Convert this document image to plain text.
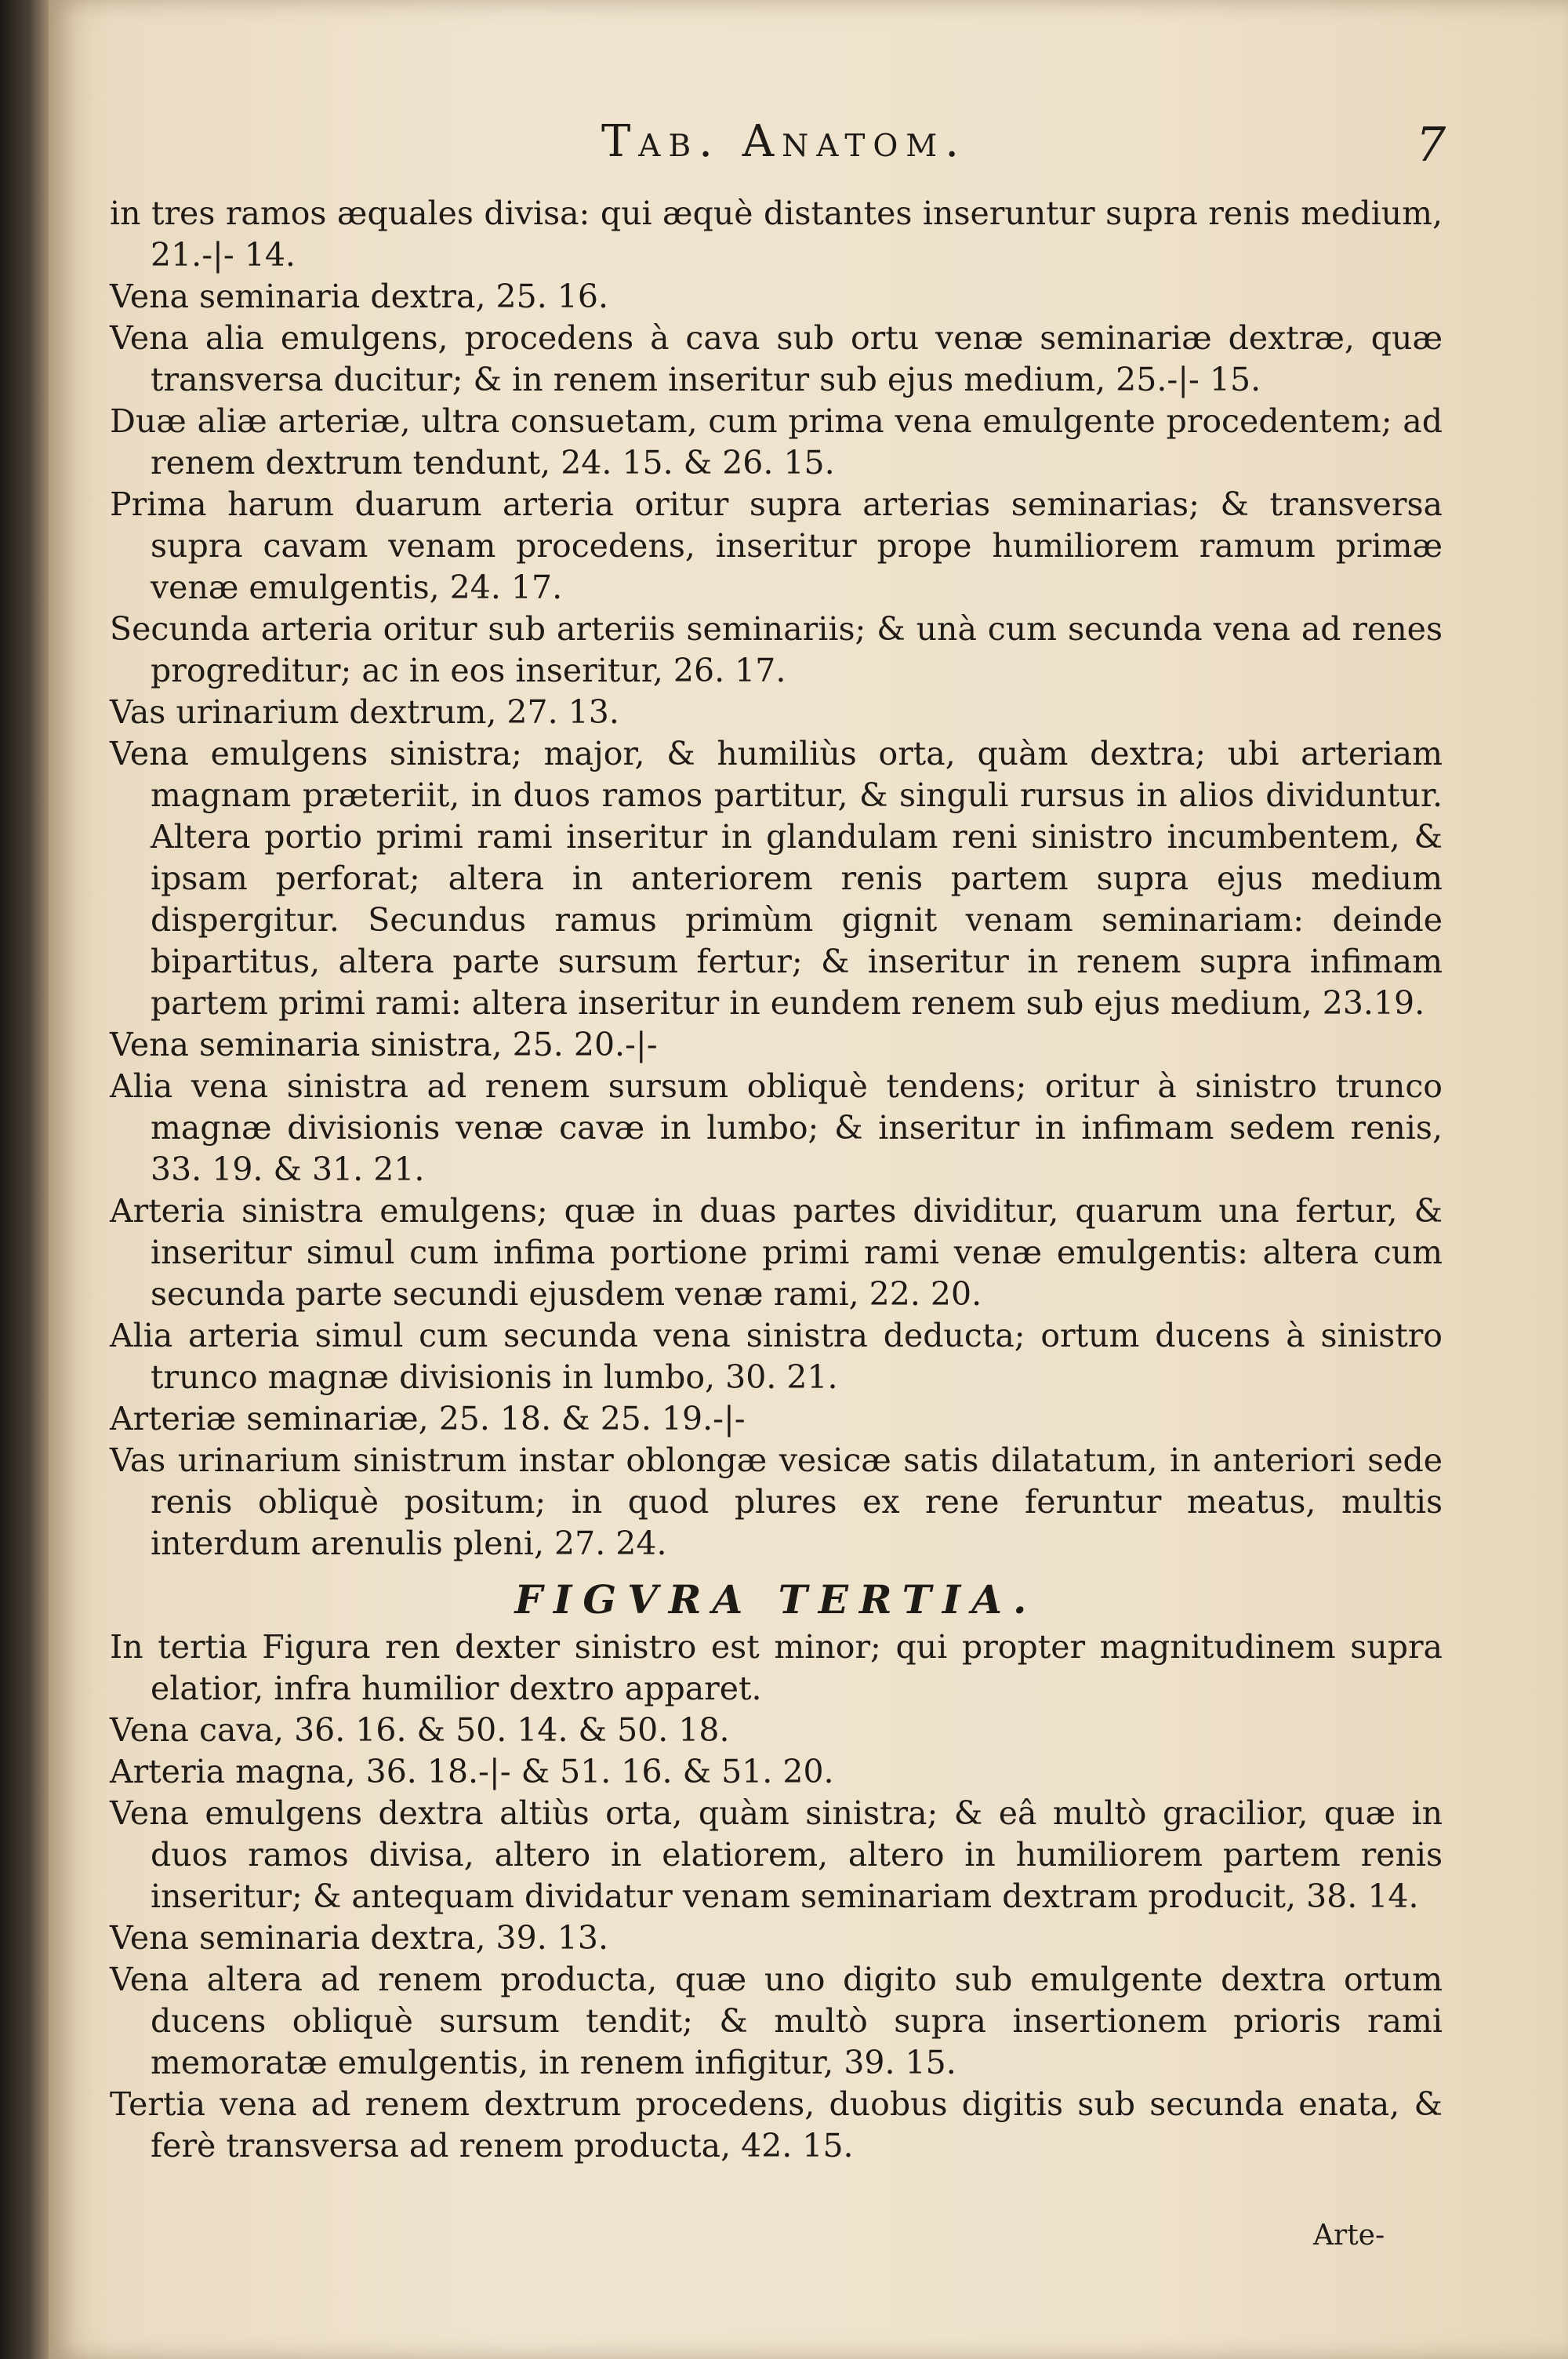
Tab. Anatom.	7

in tres ramos æquales divisa: qui æquè distantes inseruntur supra renis medium, 21.-|- 14.

Vena seminaria dextra, 25. 16.

Vena alia emulgens, procedens à cava sub ortu venæ seminariæ dextræ, quæ transversa ducitur; & in renem inseritur sub ejus medium, 25.-|- 15.

Duæ aliæ arteriæ, ultra consuetam, cum prima vena emulgente procedentem; ad renem dextrum tendunt, 24. 15. & 26. 15.

Prima harum duarum arteria oritur supra arterias seminarias; & transversa supra cavam venam procedens, inseritur prope humiliorem ramum primæ venæ emulgentis, 24. 17.

Secunda arteria oritur sub arteriis seminariis; & unà cum secunda vena ad renes progreditur; ac in eos inseritur, 26. 17.

Vas urinarium dextrum, 27. 13.

Vena emulgens sinistra; major, & humiliùs orta, quàm dextra; ubi arteriam magnam præteriit, in duos ramos partitur, & singuli rursus in alios dividuntur. Altera portio primi rami inseritur in glandulam reni sinistro incumbentem, & ipsam perforat; altera in anteriorem renis partem supra ejus medium dispergitur. Secundus ramus primùm gignit venam seminariam: deinde bipartitus, altera parte sursum fertur; & inseritur in renem supra infimam partem primi rami: altera inseritur in eundem renem sub ejus medium, 23.19.

Vena seminaria sinistra, 25. 20.-|-

Alia vena sinistra ad renem sursum obliquè tendens; oritur à sinistro trunco magnæ divisionis venæ cavæ in lumbo; & inseritur in infimam sedem renis, 33. 19. & 31. 21.

Arteria sinistra emulgens; quæ in duas partes dividitur, quarum una fertur, & inseritur simul cum infima portione primi rami venæ emulgentis: altera cum secunda parte secundi ejusdem venæ rami, 22. 20.

Alia arteria simul cum secunda vena sinistra deducta; ortum ducens à sinistro trunco magnæ divisionis in lumbo, 30. 21.

Arteriæ seminariæ, 25. 18. & 25. 19.-|-

Vas urinarium sinistrum instar oblongæ vesicæ satis dilatatum, in anteriori sede renis obliquè positum; in quod plures ex rene feruntur meatus, multis interdum arenulis pleni, 27. 24.

FIGVRA TERTIA.

In tertia Figura ren dexter sinistro est minor; qui propter magnitudinem supra elatior, infra humilior dextro apparet.

Vena cava, 36. 16. & 50. 14. & 50. 18.

Arteria magna, 36. 18.-|- & 51. 16. & 51. 20.

Vena emulgens dextra altiùs orta, quàm sinistra; & eâ multò gracilior, quæ in duos ramos divisa, altero in elatiorem, altero in humiliorem partem renis inseritur; & antequam dividatur venam seminariam dextram producit, 38. 14.

Vena seminaria dextra, 39. 13.

Vena altera ad renem producta, quæ uno digito sub emulgente dextra ortum ducens obliquè sursum tendit; & multò supra insertionem prioris rami memoratæ emulgentis, in renem infigitur, 39. 15.

Tertia vena ad renem dextrum procedens, duobus digitis sub secunda enata, & ferè transversa ad renem producta, 42. 15.

Arte-
